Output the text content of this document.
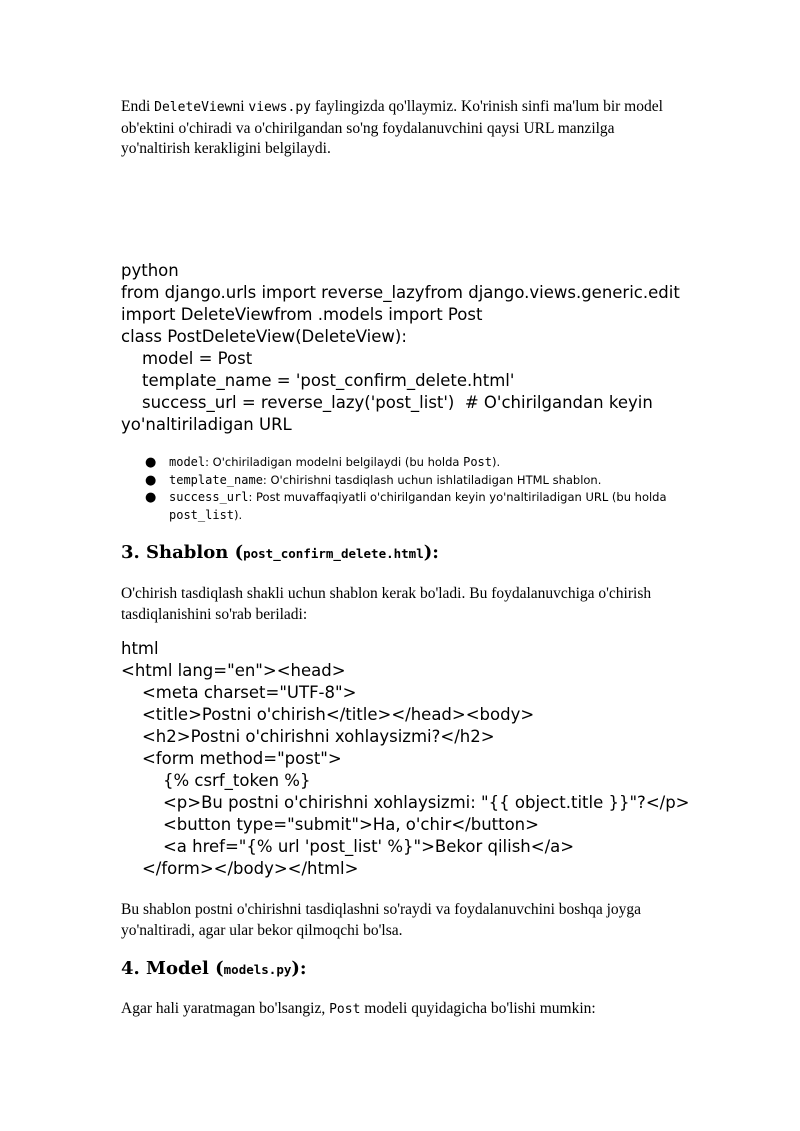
Endi DeleteViewni views.py faylingizda qo'llaymiz. Ko'rinish sinfi ma'lum bir model ob'ektini o'chiradi va o'chirilgandan so'ng foydalanuvchini qaysi URL manzilga yo'naltirish kerakligini belgilaydi.

python
from django.urls import reverse_lazyfrom django.views.generic.edit
import DeleteViewfrom .models import Post
class PostDeleteView(DeleteView):
model = Post
template_name = 'post_confirm_delete.html'
success_url = reverse_lazy('post_list')  # O'chirilgandan keyin
yo'naltiriladigan URL
● model: O'chiriladigan modelni belgilaydi (bu holda Post).
● template_name: O'chirishni tasdiqlash uchun ishlatiladigan HTML shablon.
● success_url: Post muvaffaqiyatli o'chirilgandan keyin yo'naltiriladigan URL (bu holda post_list).
3. Shablon (post_confirm_delete.html):

O'chirish tasdiqlash shakli uchun shablon kerak bo'ladi. Bu foydalanuvchiga o'chirish tasdiqlanishini so'rab beriladi:

html
<html lang="en"><head>
<meta charset="UTF-8">
<title>Postni o'chirish</title></head><body>
<h2>Postni o'chirishni xohlaysizmi?</h2>
<form method="post">
{% csrf_token %}
<p>Bu postni o'chirishni xohlaysizmi: "{{ object.title }}"?</p>
<button type="submit">Ha, o'chir</button>
<a href="{% url 'post_list' %}">Bekor qilish</a>
</form></body></html>

Bu shablon postni o'chirishni tasdiqlashni so'raydi va foydalanuvchini boshqa joyga yo'naltiradi, agar ular bekor qilmoqchi bo'lsa.

4. Model (models.py):

Agar hali yaratmagan bo'lsangiz, Post modeli quyidagicha bo'lishi mumkin:
